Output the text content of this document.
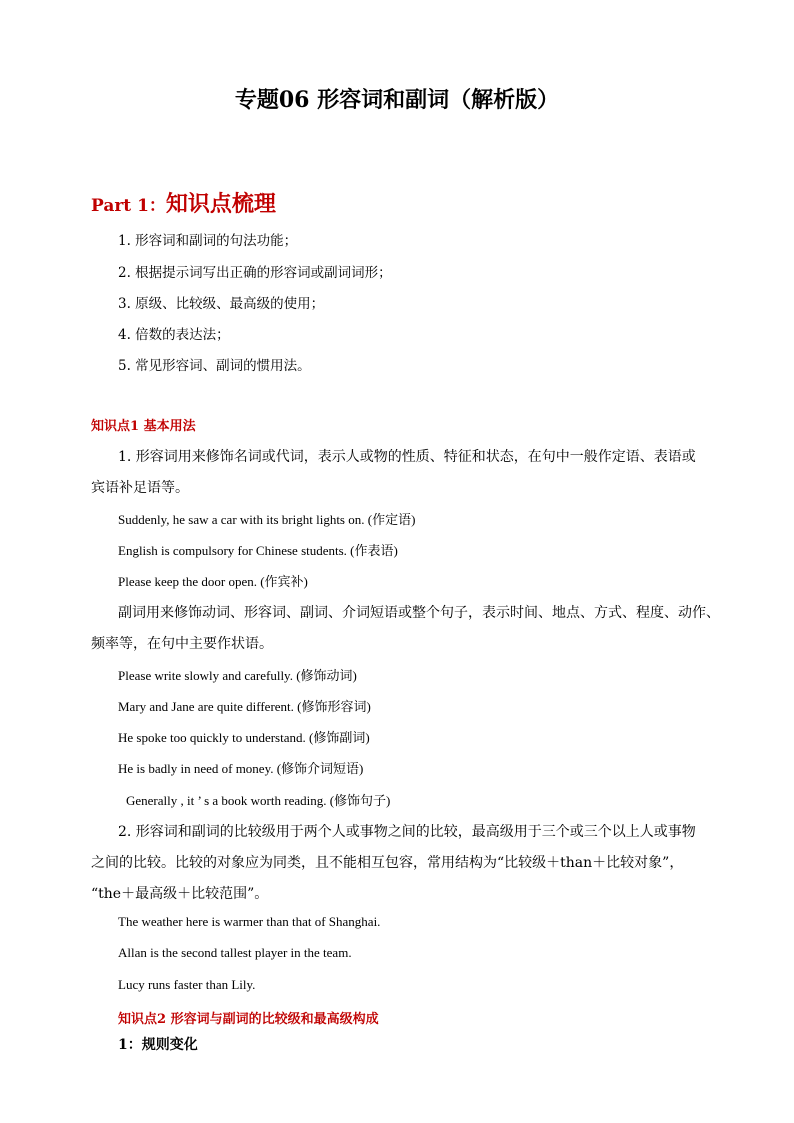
专题06 形容词和副词（解析版）
Part 1：知识点梳理
1. 形容词和副词的句法功能；
2. 根据提示词写出正确的形容词或副词词形；
3. 原级、比较级、最高级的使用；
4. 倍数的表达法；
5. 常见形容词、副词的惯用法。
知识点1 基本用法
1. 形容词用来修饰名词或代词，表示人或物的性质、特征和状态，在句中一般作定语、表语或
宾语补足语等。
Suddenly, he saw a car with its bright lights on. (作定语)
English is compulsory for Chinese students. (作表语)
Please keep the door open. (作宾补)
副词用来修饰动词、形容词、副词、介词短语或整个句子，表示时间、地点、方式、程度、动作、
频率等，在句中主要作状语。
Please write slowly and carefully. (修饰动词)
Mary and Jane are quite different. (修饰形容词)
He spoke too quickly to understand. (修饰副词)
He is badly in need of money. (修饰介词短语)
Generally , it ’ s a book worth reading. (修饰句子)
2. 形容词和副词的比较级用于两个人或事物之间的比较，最高级用于三个或三个以上人或事物
之间的比较。比较的对象应为同类，且不能相互包容，常用结构为“比较级＋than＋比较对象”，
“the＋最高级＋比较范围”。
The weather here is warmer than that of Shanghai.
Allan is the second tallest player in the team.
Lucy runs faster than Lily.
知识点2 形容词与副词的比较级和最高级构成
1：规则变化
